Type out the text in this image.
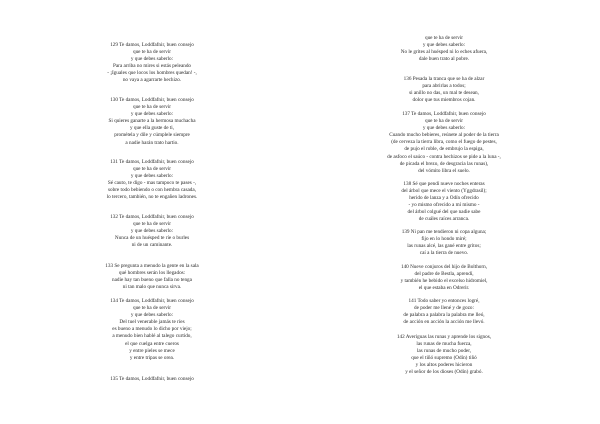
129 Te damos, Loddfafnir, buen consejo
que te ha de servir
y que debes saberlo:
Para arriba no mires si estás peleando
- ¡Iguales que locos los hombres quedan! -,
no vaya a agarrarte hechizo.
130 Te damos, Loddfafnir, buen consejo
que te ha de servir
y que debes saberlo:
Si quieres ganarte a la hermosa muchacha
y que ella guste de ti,
prométela y dile y cúmplele siempre
a nadie harán trato hartio.
131 Te damos, Loddfafnir, buen consejo
que te ha de servir
y que debes saberlo:
Sé cauto, te digo - mas tampoco te pases -,
sobre todo bebiendo o con hembra casada,
lo tercero, también, no te engañen ladrones.
132 Te damos, Loddfafnir, buen consejo
que te ha de servir
y que debes saberlo:
Nunca de un huésped te ríe o burles
ni de un caminante.
133 Se pregunta a menudo la gente en la sala
qué hombres serán los llegados:
nadie hay tan bueno que falla no tenga
ni tan malo que nunca sirva.
134 Te damos, Loddfafnir, buen consejo
que te ha de servir
y que debes saberlo:
Del tuel venerable jamás te ríes
es bueno a menudo lo dicho por viejo;
a menudo bien hablé al talego curtido,
el que cuelga entre cueros
y entre pieles se mece
y entre tripas se orea.
135 Te damos, Loddfafnir, buen consejo
que te ha de servir
y que debes saberlo:
No le grites al huésped ni lo eches afuera,
dale buen trato al pobre.
136 Pesada la tranca que se ha de alzar
para abrirlas a todos;
si anillo no das, un mal te desean,
dolor que tus miembros cojan.
137 Te damos, Loddfafnir, buen consejo
que te ha de servir
y que debes saberlo:
Cuando mucho bebieres, reúnete al poder de la tierra
(de cerveza la tierra libra, como el fuego de pestes,
de pujo el roble, de embrujo la espiga,
de asfoco el saúco - contra hechizos se pide a la luna -,
de picada el brezo, de desgracia las runas),
del vómito libra el suelo.
138 Sé que pendí nueve noches enteras
del árbol que mece el viento (Yggdrasil);
herido de lanza y a Odín ofrecido
- yo mismo ofrecido a mí mismo -
del árbol colgué del que nadie sabe
de cuáles raíces arranca.
139 Ni pan me tendieron ni copa alguna;
fijo en lo hondo miré;
las runas alcé, las gané entre gritos;
caí a la tierra de nuevo.
140 Nueve conjuros del hijo de Bolthorn,
del padre de Bestla, aprendí,
y también he bebido el excelso hidromiel,
el que estaba en Odrerir.
141 Todo saber yo entonces logré,
de poder me llené y de gozo:
de palabra a palabra la palabra me lleó,
de acción en acción la acción me llevó.
142 Averiguas las runas y aprende los signos,
las runas de mucha fuerza,
las runas de mucho poder,
que el tiñó supremo (Odín) tiñó
y los altos poderes hicieron
y el señor de los dioses (Odín) grabó.
